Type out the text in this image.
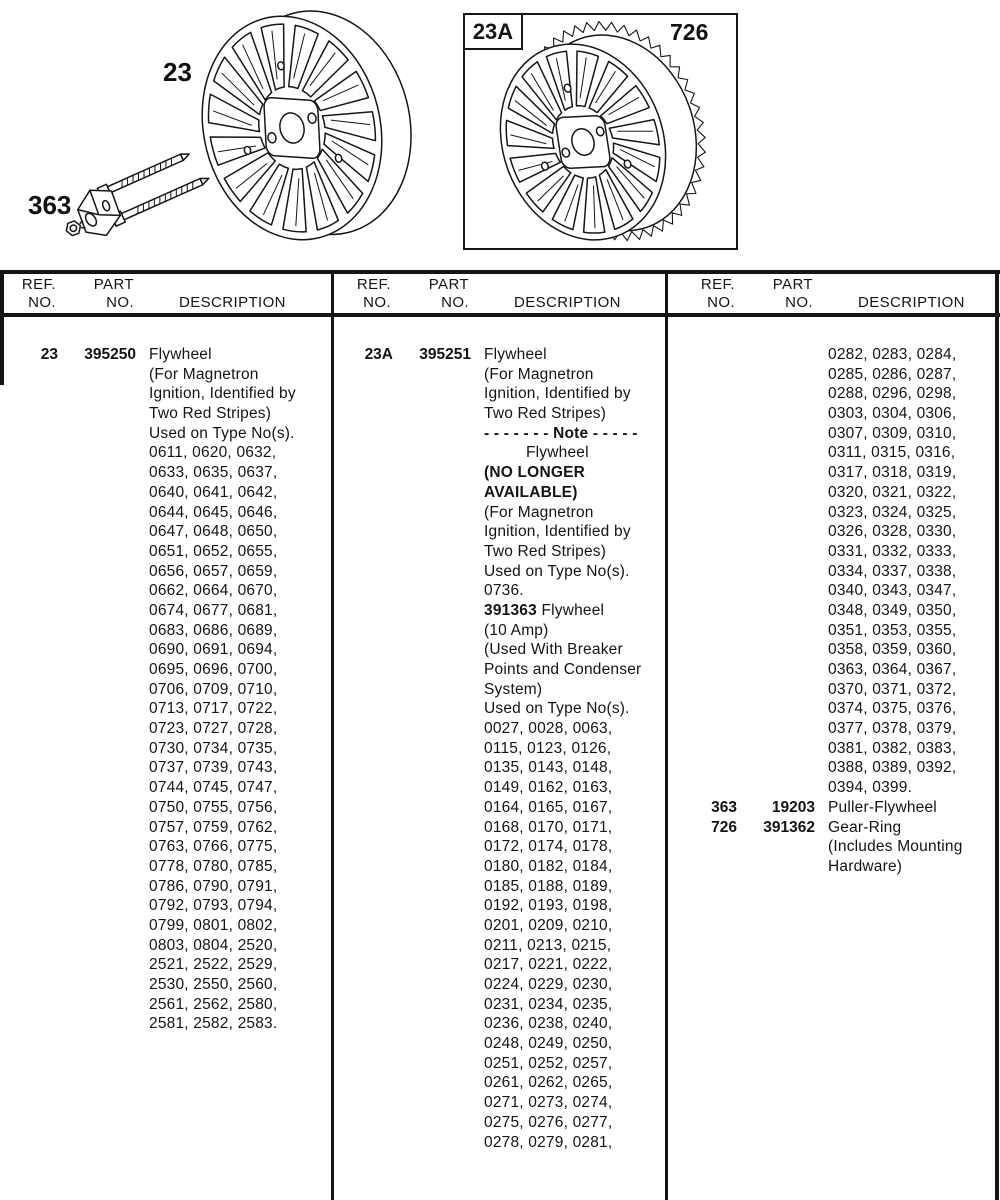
23
363
23A	726
REF.
NO.
PART
NO.	DESCRIPTION
REF.
NO.
PART
NO.	DESCRIPTION
REF.
NO.
PART
NO.	DESCRIPTION
23	395250 Flywheel
(For Magnetron
Ignition, Identified by
Two Red Stripes)
Used on Type No(s).
0611, 0620, 0632,
0633, 0635, 0637,
0640, 0641, 0642,
0644, 0645, 0646,
0647, 0648, 0650,
0651, 0652, 0655,
0656, 0657, 0659,
0662, 0664, 0670,
0674, 0677, 0681,
0683, 0686, 0689,
0690, 0691, 0694,
0695, 0696, 0700,
0706, 0709, 0710,
0713, 0717, 0722,
0723, 0727, 0728,
0730, 0734, 0735,
0737, 0739, 0743,
0744, 0745, 0747,
0750, 0755, 0756,
0757, 0759, 0762,
0763, 0766, 0775,
0778, 0780, 0785,
0786, 0790, 0791,
0792, 0793, 0794,
0799, 0801, 0802,
0803, 0804, 2520,
2521, 2522, 2529,
2530, 2550, 2560,
2561, 2562, 2580,
2581, 2582, 2583.
23A	395251 Flywheel
(For Magnetron
Ignition, Identified by
Two Red Stripes)
- - - - - - - Note - - - - -
Flywheel
(NO LONGER
AVAILABLE)
(For Magnetron
Ignition, Identified by
Two Red Stripes)
Used on Type No(s).
0736.
391363 Flywheel
(10 Amp)
(Used With Breaker
Points and Condenser
System)
Used on Type No(s).
0027, 0028, 0063,
0115, 0123, 0126,
0135, 0143, 0148,
0149, 0162, 0163,
0164, 0165, 0167,
0168, 0170, 0171,
0172, 0174, 0178,
0180, 0182, 0184,
0185, 0188, 0189,
0192, 0193, 0198,
0201, 0209, 0210,
0211, 0213, 0215,
0217, 0221, 0222,
0224, 0229, 0230,
0231, 0234, 0235,
0236, 0238, 0240,
0248, 0249, 0250,
0251, 0252, 0257,
0261, 0262, 0265,
0271, 0273, 0274,
0275, 0276, 0277,
0278, 0279, 0281,
0282, 0283, 0284,
0285, 0286, 0287,
0288, 0296, 0298,
0303, 0304, 0306,
0307, 0309, 0310,
0311, 0315, 0316,
0317, 0318, 0319,
0320, 0321, 0322,
0323, 0324, 0325,
0326, 0328, 0330,
0331, 0332, 0333,
0334, 0337, 0338,
0340, 0343, 0347,
0348, 0349, 0350,
0351, 0353, 0355,
0358, 0359, 0360,
0363, 0364, 0367,
0370, 0371, 0372,
0374, 0375, 0376,
0377, 0378, 0379,
0381, 0382, 0383,
0388, 0389, 0392,
0394, 0399.
363	19203 Puller-Flywheel
726	391362 Gear-Ring
(Includes Mounting
Hardware)
